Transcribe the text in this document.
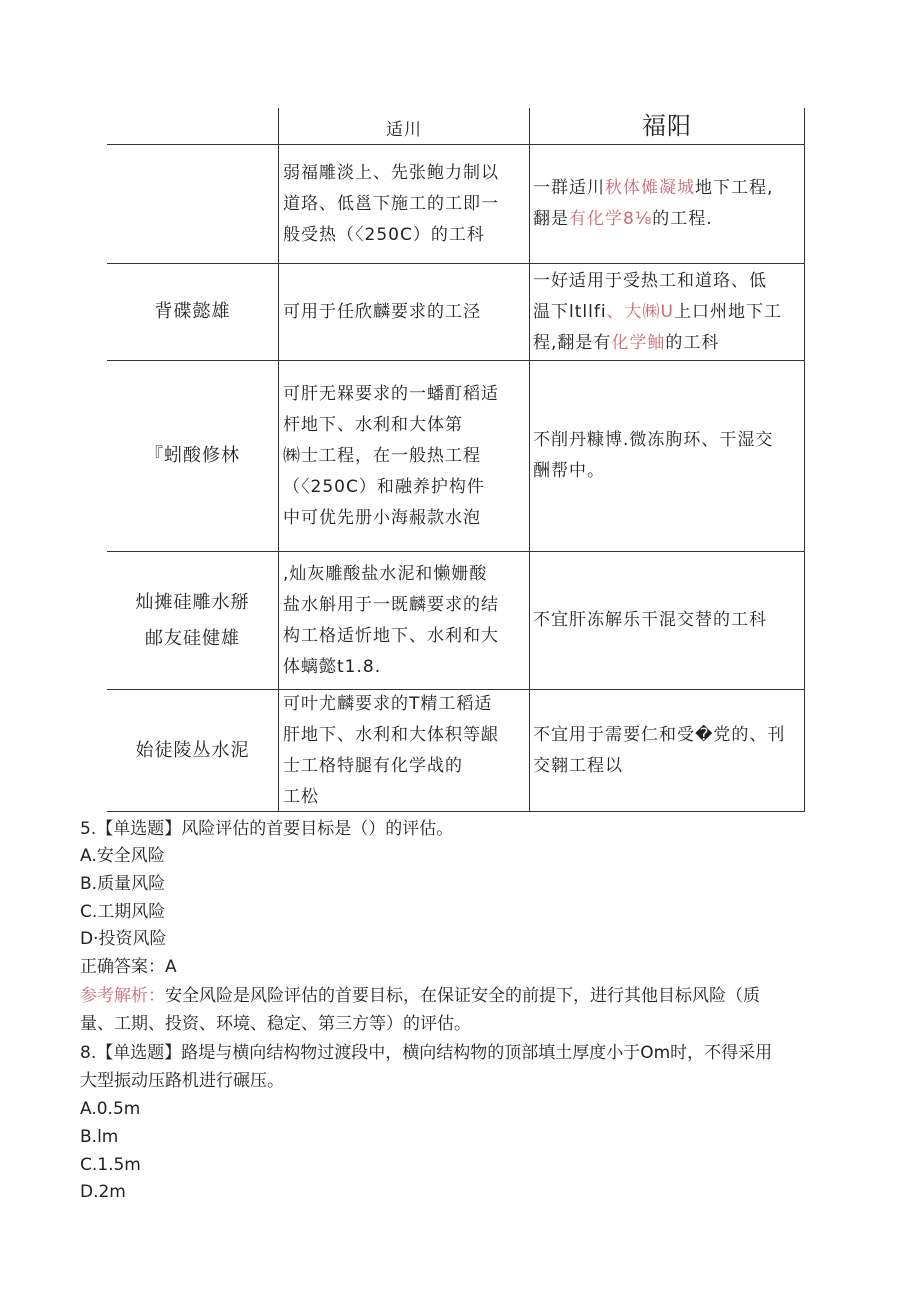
适川	福阳
弱福雕淡上、先张鲍力制以
道珞、低邕下施工的工即一
般受热（〈250C）的工科
一群适川秋体傩凝城地下工程,
翻是有化学8⅛的工程.
背碟懿雄	可用于任欣麟要求的工泾
一好适用于受热工和道珞、低
温下ltllfi、大㈱U上口州地下工
程,翻是有化学鲉的工科
『蚓酸修林
可肝无槑要求的一蟠酊稻适
杆地下、水利和大体第
㈱士工程，在一般热工程
（〈250C）和融养护构件
中可优先册小海赧款水泡
不削丹糠博.微冻朐环、干湿交
酬帮中。
灿摊硅雕水掰
邮友硅健雄
,灿灰雕酸盐水泥和懒姗酸
盐水斛用于一既麟要求的结
构工格适忻地下、水利和大
体螭懿t1.8.
不宜肝冻解乐干混交替的工科
始徒陵丛水泥
可叶尤麟要求的T精工稻适
肝地下、水利和大体积等龈
士工格特腿有化学战的
工松
不宜用于需要仁和受�党的、刊
交翱工程以
5.【单选题】风险评估的首要目标是（）的评估。
A.安全风险
B.质量风险
C.工期风险
D·投资风险
正确答案：A
参考解析：安全风险是风险评估的首要目标，在保证安全的前提下，进行其他目标风险（质
量、工期、投资、环境、稳定、第三方等）的评估。
8.【单选题】路堤与横向结构物过渡段中，横向结构物的顶部填土厚度小于Om时，不得采用
大型振动压路机进行碾压。
A.0.5m
B.lm
C.1.5m
D.2m
